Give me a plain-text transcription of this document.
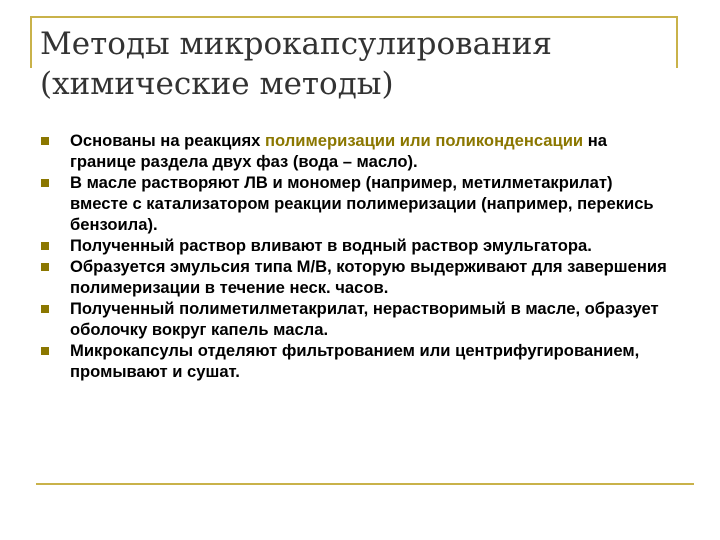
Методы микрокапсулирования
(химические методы)
Основаны на реакциях полимеризации или поликонденсации на границе раздела двух фаз (вода – масло).
В масле растворяют ЛВ и мономер (например, метилметакрилат) вместе с катализатором реакции полимеризации (например, перекись бензоила).
Полученный раствор вливают в водный раствор эмульгатора.
Образуется эмульсия типа М/В, которую выдерживают для завершения полимеризации в течение неск. часов.
Полученный полиметилметакрилат, нерастворимый в масле, образует оболочку вокруг капель масла.
Микрокапсулы отделяют фильтрованием или центрифугированием, промывают и сушат.
